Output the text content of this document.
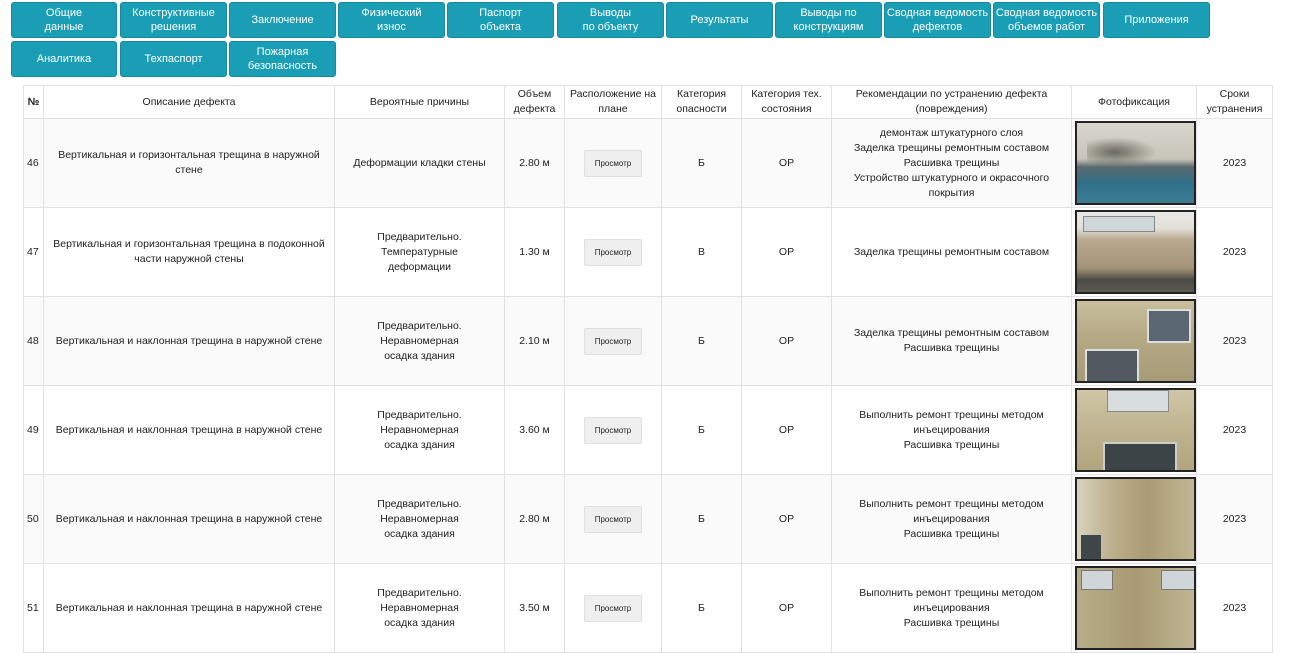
Общие
данные
Конструктивные
решения
Заключение
Физический
износ
Паспорт
объекта
Выводы
по объекту
Результаты
Выводы по
конструкциям
Сводная ведомость
дефектов
Сводная ведомость
объемов работ
Приложения
Аналитика	Техпаспорт
Пожарная
безопасность
№	Описание дефекта	Вероятные причины	Объем
дефекта	Расположение на
плане	Категория
опасности	Категория тех.
состояния	Рекомендации по устранению дефекта
(повреждения)	Фотофиксация	Сроки
устранения
46	Вертикальная и горизонтальная трещина в наружной стене	Деформации кладки стены	2.80 м	Просмотр	Б	ОР	демонтаж штукатурного слоя
Заделка трещины ремонтным составом
Расшивка трещины
Устройство штукатурного и окрасочного
покрытия		2023
47	Вертикальная и горизонтальная трещина в подоконной
части наружной стены	Предварительно. Температурные
деформации	1.30 м	Просмотр	В	ОР	Заделка трещины ремонтным составом		2023
48	Вертикальная и наклонная трещина в наружной стене	Предварительно. Неравномерная
осадка здания	2.10 м	Просмотр	Б	ОР	Заделка трещины ремонтным составом
Расшивка трещины		2023
49	Вертикальная и наклонная трещина в наружной стене	Предварительно. Неравномерная
осадка здания	3.60 м	Просмотр	Б	ОР	Выполнить ремонт трещины методом
инъецирования
Расшивка трещины		2023
50	Вертикальная и наклонная трещина в наружной стене	Предварительно. Неравномерная
осадка здания	2.80 м	Просмотр	Б	ОР	Выполнить ремонт трещины методом
инъецирования
Расшивка трещины		2023
51	Вертикальная и наклонная трещина в наружной стене	Предварительно. Неравномерная
осадка здания	3.50 м	Просмотр	Б	ОР	Выполнить ремонт трещины методом
инъецирования
Расшивка трещины		2023
